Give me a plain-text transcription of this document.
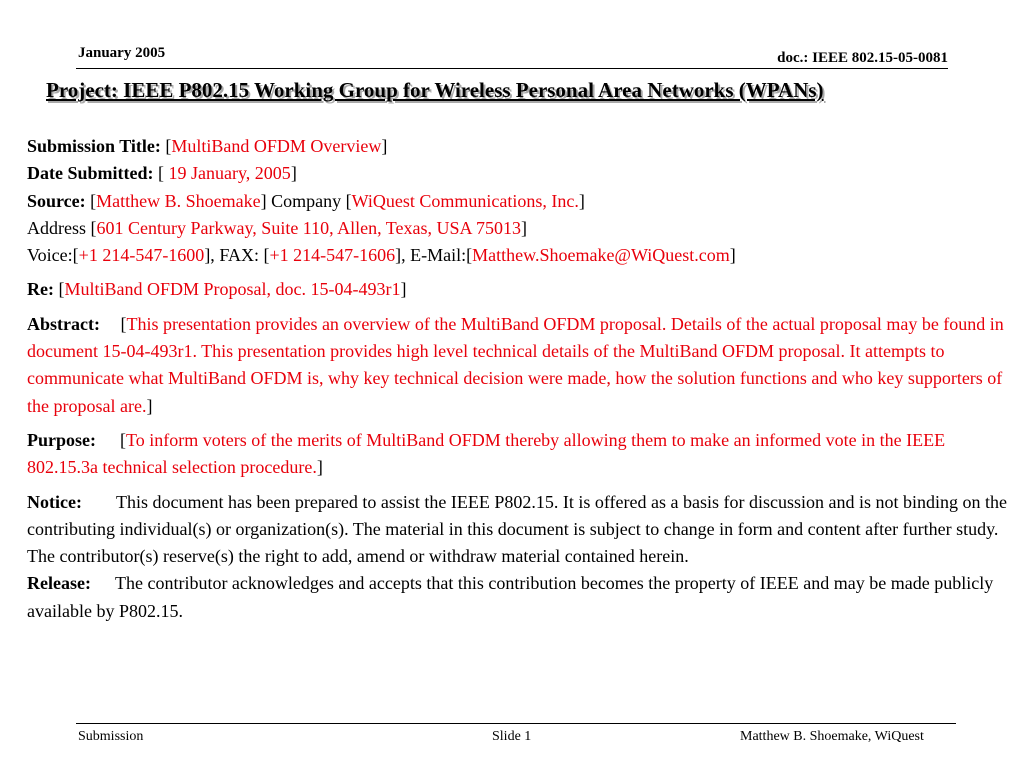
January 2005	doc.: IEEE 802.15-05-0081
Project: IEEE P802.15 Working Group for Wireless Personal Area Networks (WPANs)

Submission Title: [MultiBand OFDM Overview]

Date Submitted: [ 19 January, 2005]

Source: [Matthew B. Shoemake] Company [WiQuest Communications, Inc.]

Address [601 Century Parkway, Suite 110, Allen, Texas, USA 75013]

Voice:[+1 214-547-1600], FAX: [+1 214-547-1606], E-Mail:[Matthew.Shoemake@WiQuest.com]

Re: [MultiBand OFDM Proposal, doc. 15-04-493r1]

Abstract: [This presentation provides an overview of the MultiBand OFDM proposal. Details of the actual proposal may be found in document 15-04-493r1. This presentation provides high level technical details of the MultiBand OFDM proposal. It attempts to communicate what MultiBand OFDM is, why key technical decision were made, how the solution functions and who key supporters of the proposal are.]

Purpose: [To inform voters of the merits of MultiBand OFDM thereby allowing them to make an informed vote in the IEEE 802.15.3a technical selection procedure.]

Notice: This document has been prepared to assist the IEEE P802.15. It is offered as a basis for discussion and is not binding on the contributing individual(s) or organization(s). The material in this document is subject to change in form and content after further study. The contributor(s) reserve(s) the right to add, amend or withdraw material contained herein.

Release: The contributor acknowledges and accepts that this contribution becomes the property of IEEE and may be made publicly available by P802.15.

Submission	Slide 1	Matthew B. Shoemake, WiQuest
